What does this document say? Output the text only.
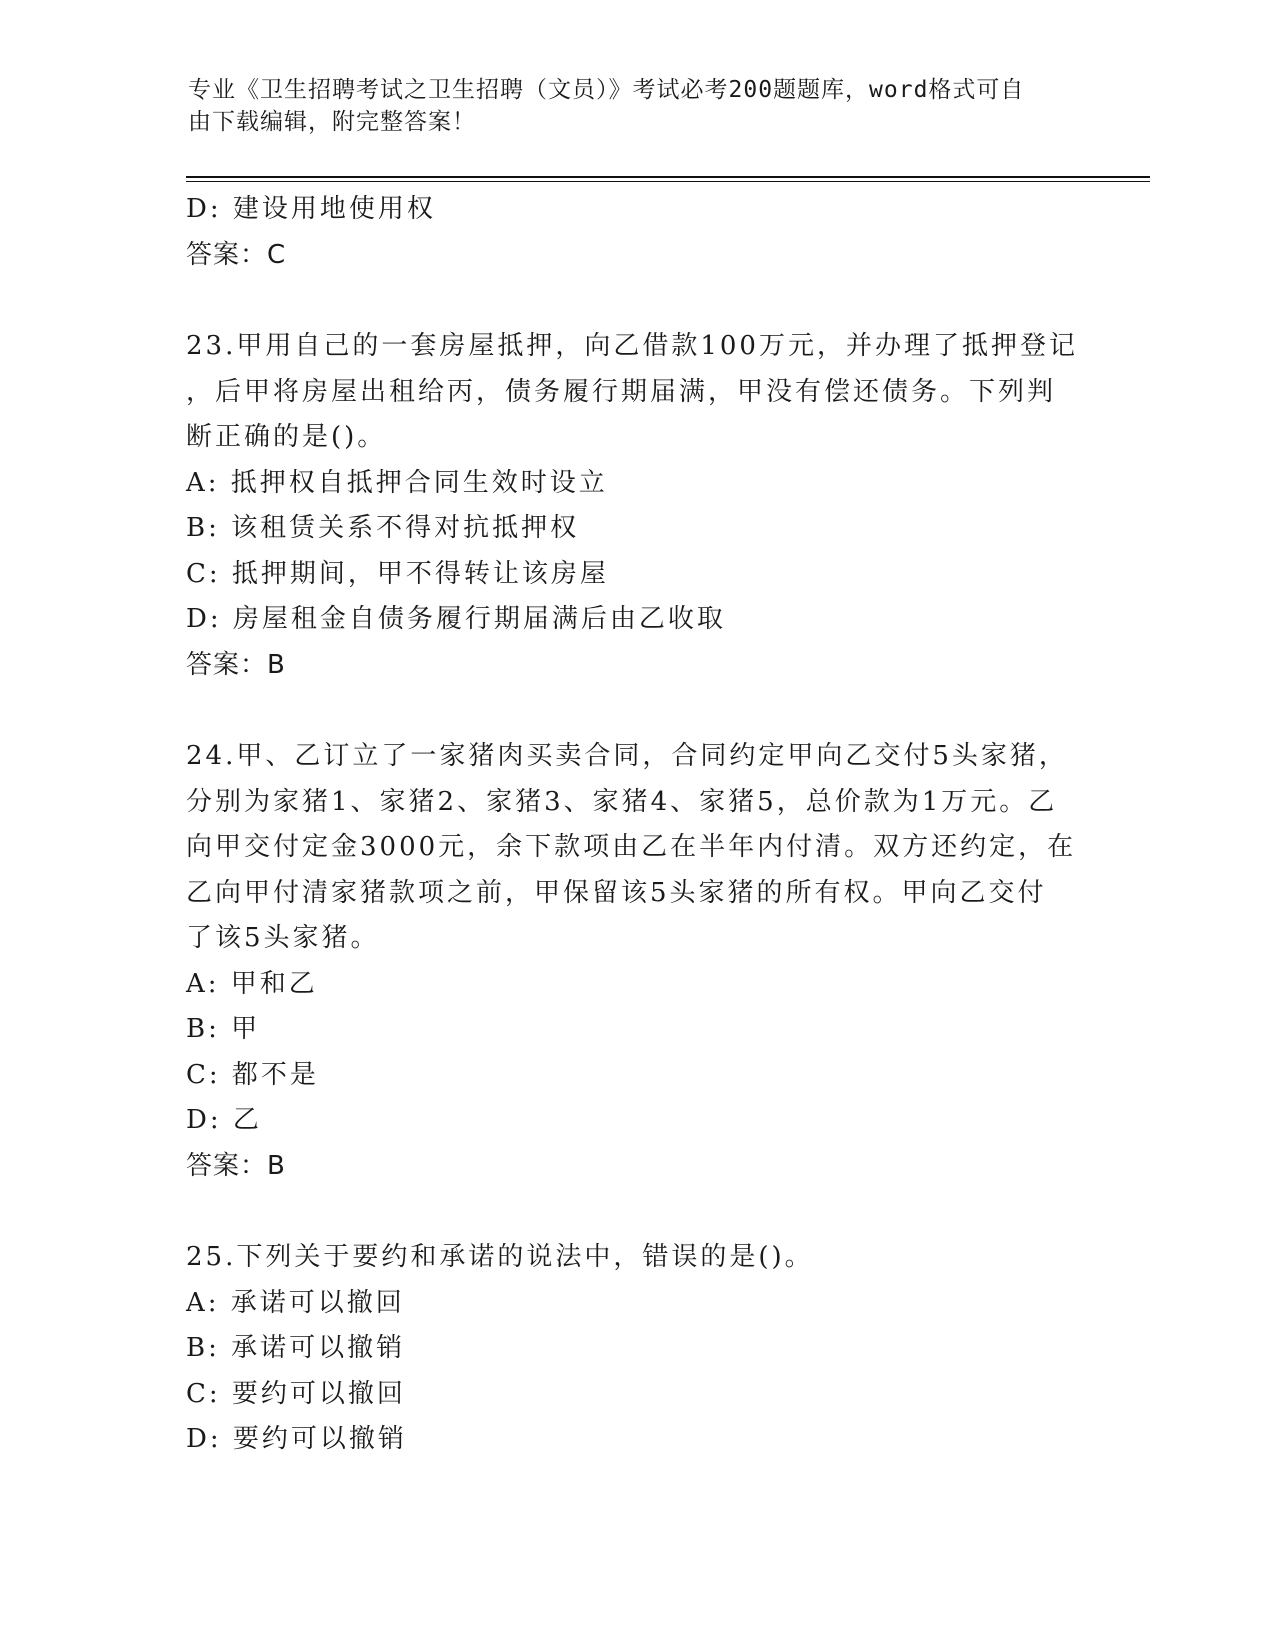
专业《卫生招聘考试之卫生招聘（文员）》考试必考200题题库，word格式可自
由下载编辑，附完整答案！

D: 建设用地使用权

答案：C

23.甲用自己的一套房屋抵押，向乙借款100万元，并办理了抵押登记

，后甲将房屋出租给丙，债务履行期届满，甲没有偿还债务。下列判

断正确的是()。

A: 抵押权自抵押合同生效时设立

B: 该租赁关系不得对抗抵押权

C: 抵押期间，甲不得转让该房屋

D: 房屋租金自债务履行期届满后由乙收取

答案：B

24.甲、乙订立了一家猪肉买卖合同，合同约定甲向乙交付5头家猪，

分别为家猪1、家猪2、家猪3、家猪4、家猪5，总价款为1万元。乙

向甲交付定金3000元，余下款项由乙在半年内付清。双方还约定，在

乙向甲付清家猪款项之前，甲保留该5头家猪的所有权。甲向乙交付

了该5头家猪。

A: 甲和乙

B: 甲

C: 都不是

D: 乙

答案：B

25.下列关于要约和承诺的说法中，错误的是()。

A: 承诺可以撤回

B: 承诺可以撤销

C: 要约可以撤回

D: 要约可以撤销
